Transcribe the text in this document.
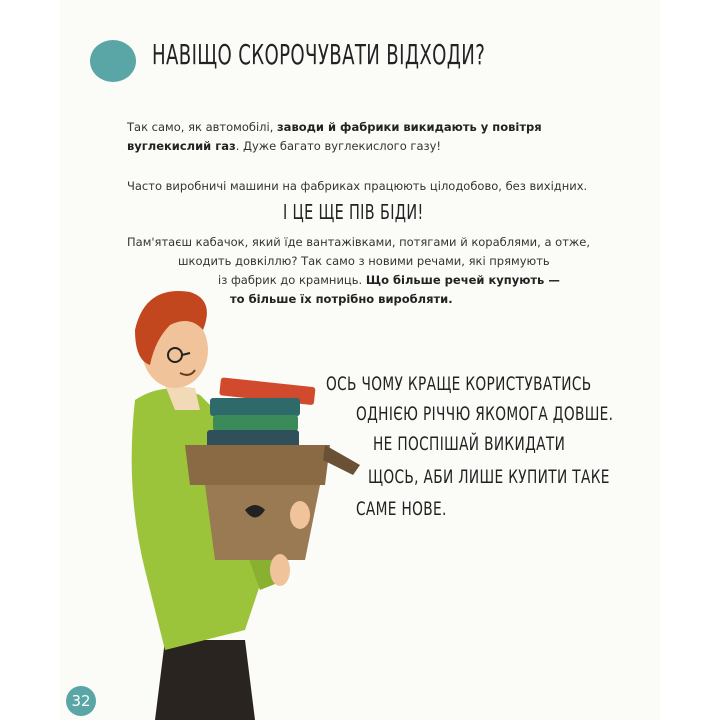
НАВІЩО СКОРОЧУВАТИ ВІДХОДИ?
Так само, як автомобілі, заводи й фабрики викидають у повітря
вуглекислий газ. Дуже багато вуглекислого газу!
Часто виробничі машини на фабриках працюють цілодобово, без вихідних.
І ЦЕ ЩЕ ПІВ БІДИ!
Пам'ятаєш кабачок, який їде вантажівками, потягами й кораблями, а отже,
шкодить довкіллю? Так само з новими речами, які прямують
із фабрик до крамниць. Що більше речей купують —
то більше їх потрібно виробляти.
ОСЬ ЧОМУ КРАЩЕ КОРИСТУВАТИСЬ
ОДНІЄЮ РІЧЧЮ ЯКОМОГА ДОВШЕ.
НЕ ПОСПІШАЙ ВИКИДАТИ
ЩОСЬ, АБИ ЛИШЕ КУПИТИ ТАКЕ
САМЕ НОВЕ.
32
